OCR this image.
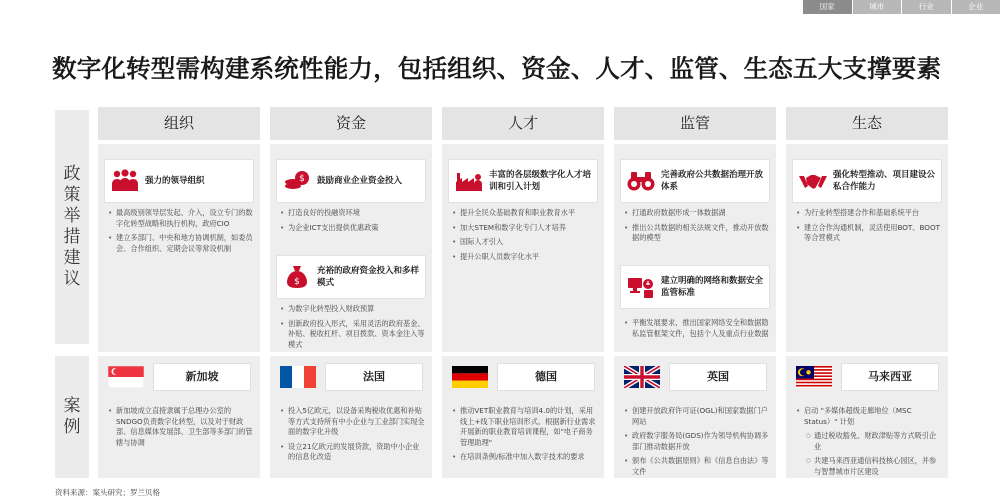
国家	城市	行业	企业
数字化转型需构建系统性能力，包括组织、资金、人才、监管、生态五大支撑要素
政策举措建议
案例
组织
强力的领导组织
• 最高级别领导层发起、介入，设立专门的数字化转型战略和执行机构，政府CIO
• 建立多部门、中央和地方协调机制，如委员会、合作组织、定期会议等常设机制
新加坡
• 新加坡成立直接隶属于总理办公室的SNDGO负责数字化转型，以及对于财政部、信息媒体发展部、卫生部等多部门的管辖与协调
资金
$ 鼓励商业企业资金投入
• 打造良好的投融资环境
• 为企业ICT支出提供优惠政策
$
充裕的政府资金投入和多样模式
• 为数字化转型投入财政预算
• 创新政府投入形式，采用灵活的政府基金、补贴、税收杠杆、项目拨款、资本金注入等模式
法国
• 投入5亿欧元，以设备采购税收优惠和补贴等方式支持所有中小企业与工业部门实现全面的数字化升级
• 设立21亿欧元的发展贷款，资助中小企业的信息化改造
人才
丰富的各层级数字化人才培训和引入计划
• 提升全民众基础教育和职业教育水平
• 加大STEM和数字化专门人才培养
• 国际人才引入
• 提升公职人员数字化水平
德国
• 推动VET职业教育与培训4.0的计划，采用线上+线下职业培训形式。根据新行业需求开展新的职业教育培训课程，如"电子商务管理助理"
• 在培训条例/标准中加入数字技术的要求
监管
完善政府公共数据治理开放体系
• 打通政府数据形成一体数据湖
• 推出公共数据的相关法规文件，推动开放数据的模型
建立明确的网络和数据安全监管标准
• 平衡发展要求，推出国家网络安全和数据隐私监管框架文件，包括个人及重点行业数据
英国
• 创建开放政府许可证(OGL)和国家数据门户网站
• 政府数字服务局(GDS)作为领导机构协调多部门推动数据开放
• 颁布《公共数据原则》和《信息自由法》等文件
生态
强化转型推动、项目建设公私合作能力
• 为行业转型搭建合作和基础系统平台
• 建立合作沟通机制，灵活使用BOT、BOOT等合营模式
马来西亚
• 启动 "多媒体超级走廊地位（MSC Status）" 计划
○ 通过税收豁免、财政津贴等方式吸引企业
○ 共建马来西亚通信科技核心园区，并参与智慧城市片区建设
资料来源：案头研究；罗兰贝格
